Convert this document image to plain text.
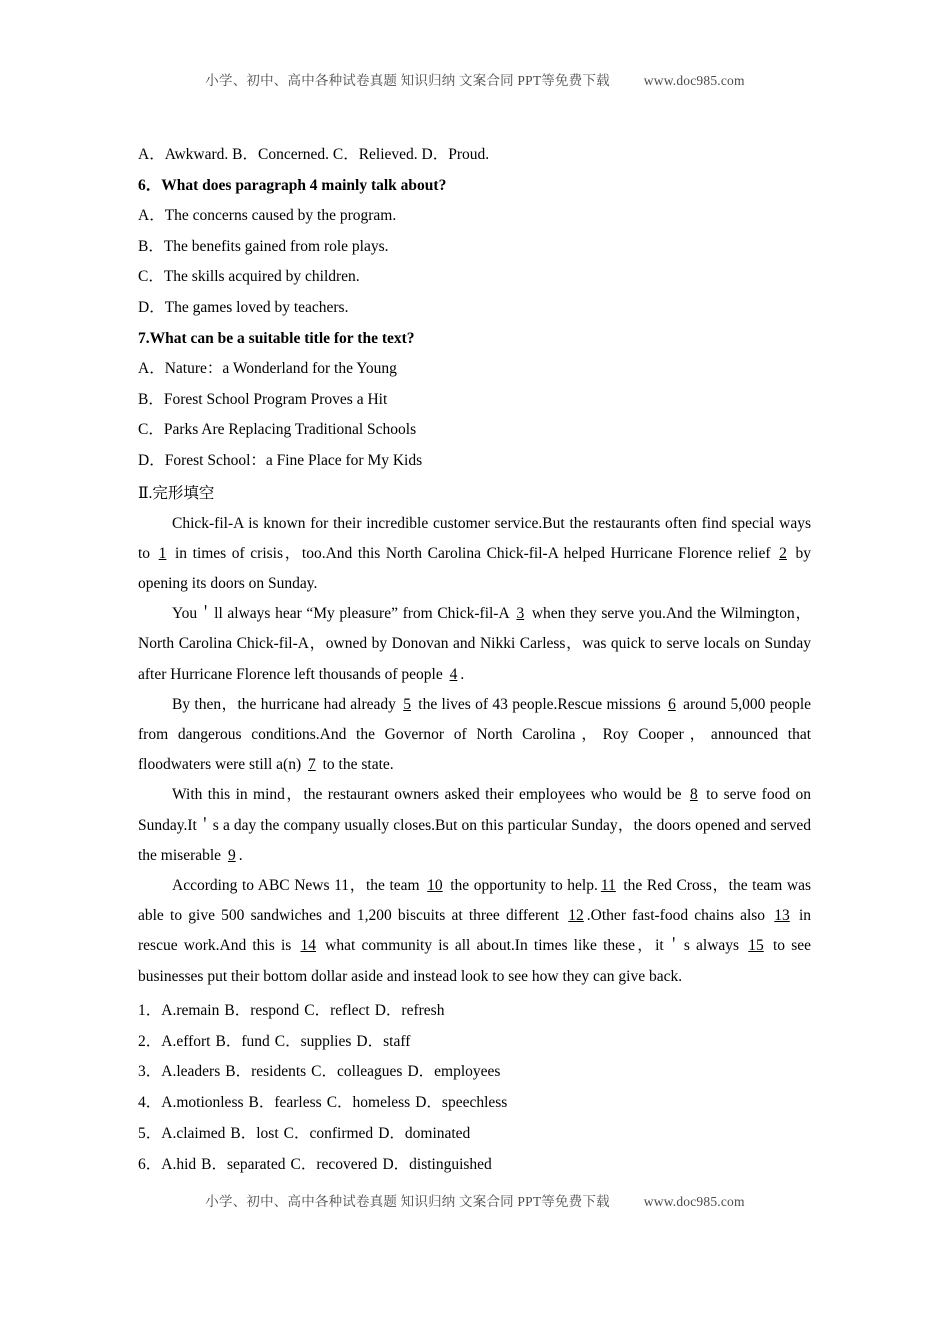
小学、初中、高中各种试卷真题 知识归纳 文案合同 PPT等免费下载	www.doc985.com
A．Awkward. B．Concerned. C．Relieved. D．Proud.
6．What does paragraph 4 mainly talk about?
A．The concerns caused by the program.
B．The benefits gained from role plays.
C．The skills acquired by children.
D．The games loved by teachers.
7.What can be a suitable title for the text?
A．Nature：a Wonderland for the Young
B．Forest School Program Proves a Hit
C．Parks Are Replacing Traditional Schools
D．Forest School：a Fine Place for My Kids
Ⅱ.完形填空

Chick-fil-A is known for their incredible customer service.But the restaurants often find special ways to 1 in times of crisis，too.And this North Carolina Chick-fil-A helped Hurricane Florence relief 2 by opening its doors on Sunday.

You＇ll always hear “My pleasure” from Chick-fil-A 3 when they serve you.And the Wilmington，North Carolina Chick-fil-A，owned by Donovan and Nikki Carless，was quick to serve locals on Sunday after Hurricane Florence left thousands of people 4 .

By then，the hurricane had already 5 the lives of 43 people.Rescue missions 6 around 5,000 people from dangerous conditions.And the Governor of North Carolina，Roy Cooper，announced that floodwaters were still a(n) 7 to the state.

With this in mind，the restaurant owners asked their employees who would be 8 to serve food on Sunday.It＇s a day the company usually closes.But on this particular Sunday，the doors opened and served the miserable 9 .

According to ABC News 11，the team 10 the opportunity to help. 11 the Red Cross，the team was able to give 500 sandwiches and 1,200 biscuits at three different 12 .Other fast-food chains also 13 in rescue work.And this is 14 what community is all about.In times like these，it＇s always 15 to see businesses put their bottom dollar aside and instead look to see how they can give back.

1．A.remain B．respond C．reflect D．refresh
2．A.effort B．fund C．supplies D．staff
3．A.leaders B．residents C．colleagues D．employees
4．A.motionless B．fearless C．homeless D．speechless
5．A.claimed B．lost C．confirmed D．dominated
6．A.hid B．separated C．recovered D．distinguished
小学、初中、高中各种试卷真题 知识归纳 文案合同 PPT等免费下载	www.doc985.com
